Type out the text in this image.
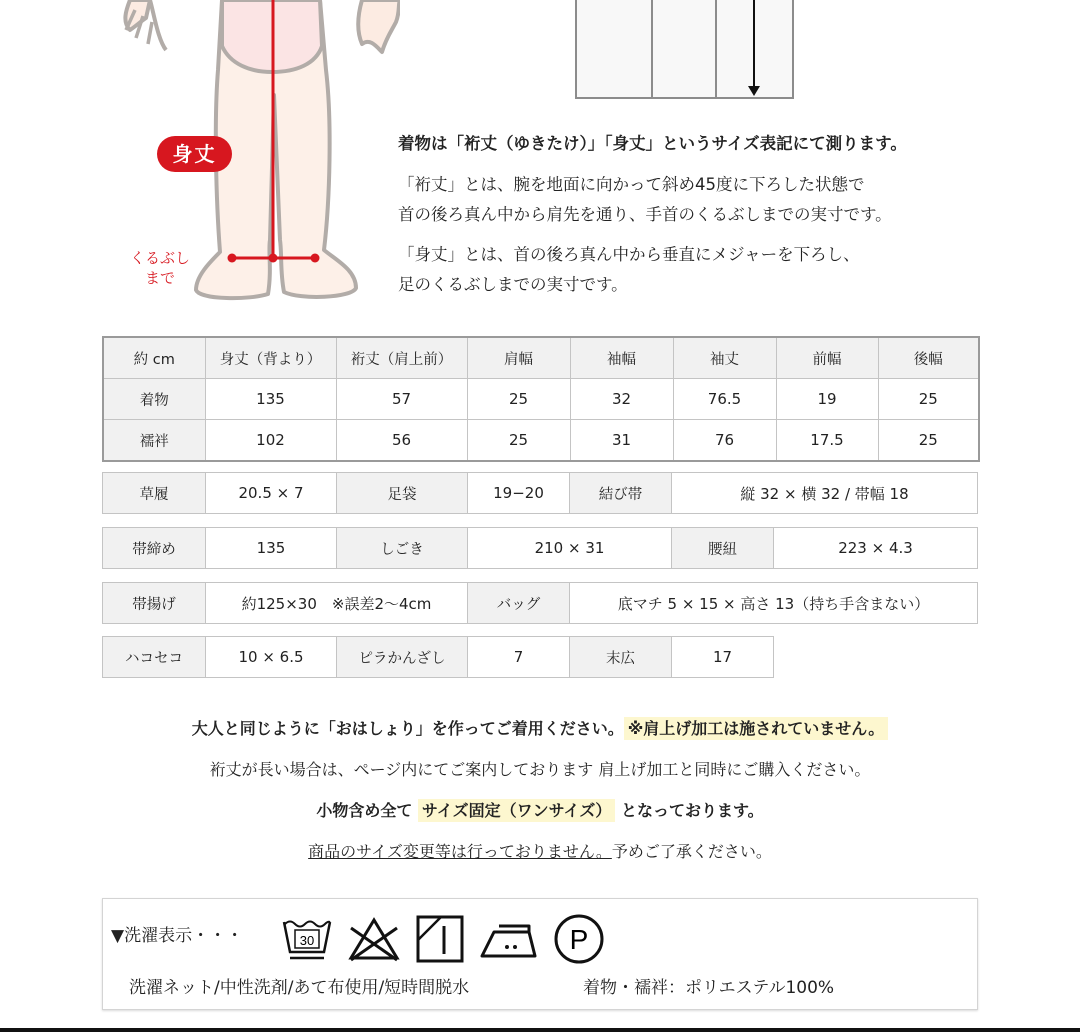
身丈
くるぶし
まで
着物は「裄丈（ゆきたけ）」「身丈」というサイズ表記にて測ります。

「裄丈」とは、腕を地面に向かって斜め45度に下ろした状態で
首の後ろ真ん中から肩先を通り、手首のくるぶしまでの実寸です。

「身丈」とは、首の後ろ真ん中から垂直にメジャーを下ろし、
足のくるぶしまでの実寸です。

約 cm	身丈（背より）	裄丈（肩上前）	肩幅	袖幅	袖丈	前幅	後幅
着物	135	57	25	32	76.5	19	25
襦袢	102	56	25	31	76	17.5	25
草履	20.5 × 7	足袋	19−20	結び帯	縦 32 × 横 32 / 帯幅 18
帯締め	135	しごき	210 × 31	腰紐	223 × 4.3
帯揚げ	約125×30　※誤差2〜4cm	バッグ	底マチ 5 × 15 × 高さ 13（持ち手含まない）
ハコセコ	10 × 6.5	ピラかんざし	7	末広	17
大人と同じように「おはしょり」を作ってご着用ください。 ※肩上げ加工は施されていません。
裄丈が長い場合は、ページ内にてご案内しております 肩上げ加工と同時にご購入ください。
小物含め全て サイズ固定（ワンサイズ） となっております。
商品のサイズ変更等は行っておりません。予めご了承ください。
▼洗濯表示・・・	30	P
洗濯ネット/中性洗剤/あて布使用/短時間脱水	着物・襦袢：ポリエステル100%
